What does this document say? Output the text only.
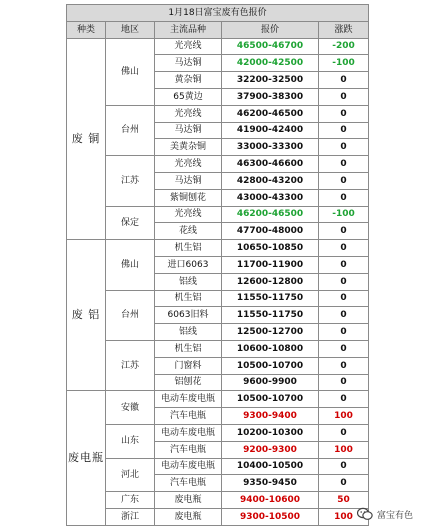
1月18日富宝废有色报价				
种类	地区	主流品种	报价	涨跌
废 铜	佛山	光亮线	46500-46700	-200
		马达铜	42000-42500	-100
		黄杂铜	32200-32500	0
		65黄边	37900-38300	0
	台州	光亮线	46200-46500	0
		马达铜	41900-42400	0
		美黄杂铜	33000-33300	0
	江苏	光亮线	46300-46600	0
		马达铜	42800-43200	0
		紫铜刨花	43000-43300	0
	保定	光亮线	46200-46500	-100
		花线	47700-48000	0
废 铝	佛山	机生铝	10650-10850	0
		进口6063	11700-11900	0
		铝线	12600-12800	0
	台州	机生铝	11550-11750	0
		6063旧料	11550-11750	0
		铝线	12500-12700	0
	江苏	机生铝	10600-10800	0
		门窗料	10500-10700	0
		铝刨花	9600-9900	0
废电瓶	安徽	电动车废电瓶	10500-10700	0
		汽车电瓶	9300-9400	100
	山东	电动车废电瓶	10200-10300	0
		汽车电瓶	9200-9300	100
	河北	电动车废电瓶	10400-10500	0
		汽车电瓶	9350-9450	0
	广东	废电瓶	9400-10600	50
	浙江	废电瓶	9300-10500	100	富宝有色
